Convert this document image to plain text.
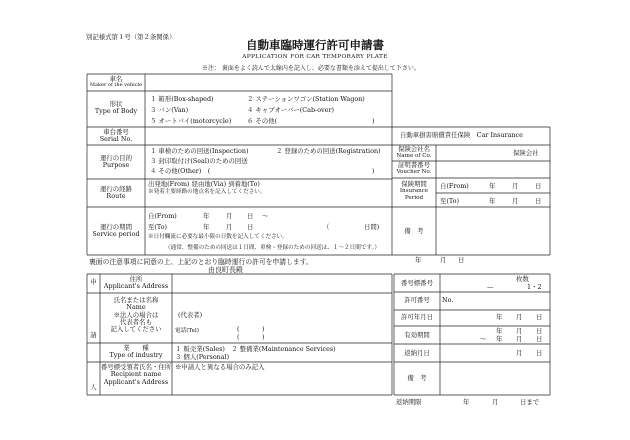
別記様式第１号（第２条関係）
自動車臨時運行許可申請書
APPLICATION FOR CAR TEMPORARY PLATE
※注： 裏面をよく読んで太線内を記入し、必要な書類を添えて提出して下さい。
車名
Maker of the vehicle
形状
Type of Body
１ 箱形(Box-shaped)	２ ステーションワゴン(Station Wagon)
３ バン(Van)	４ キャブオーバー(Cab-over)
５ オートバイ(motorcycle) ６ その他(	)
車台番号
Serial No.
運行の目的
Purpose
１ 車検のための回送(Inspection)	２ 登録のための回送(Registration)
３ 封印取付け(Seal)のための回送
４ その他(Other)　(	)
運行の経路
Route
出発地(From) 経由地(Via) 到着地(To)
※発着主要経路の地点名を記入してください。
運行の期間
Service period
自(From)	年	月 日 〜
至(To)	年	月 日	（	日間)
※日付欄流に必要な最小限の日数を記入してください。
（通常、整備のための回送は１日間、車検・登録のための回送は、１〜２日間です。）
自動車損害賠償責任保険　Car Insurance
保険会社名
Name of Co.	保険会社
証明書番号
Voucher No.
保険期間
Insurance
Period
自(From)	年	月	日
至(To)	年	月	日
備　考
裏面の注意事項に同意の上、上記のとおり臨時運行の許可を申請します。	年	月 日
由良町長殿
申
請
人
住所
Applicant's Address
氏名または名称
Name
※法人の場合は
代表者名も
記入してください
(代表者)
電話(Tel)	(	)
(	)
業　　種
Type of industry
１ 販売業(Sales)　２ 整備業(Maintenance Services)
３ 個人(Personal)
番号標受領者氏名・住所
Recipient name
Applicant's Address
※申請人と異なる場合のみ記入
番号標番号	枚数
—	1・2
許可番号	No.
許可年月日	年 月 日
有効期間	年 月 日
〜 年 月 日
返納月日	月 日
備　考
返納期限	年	月	日まで
